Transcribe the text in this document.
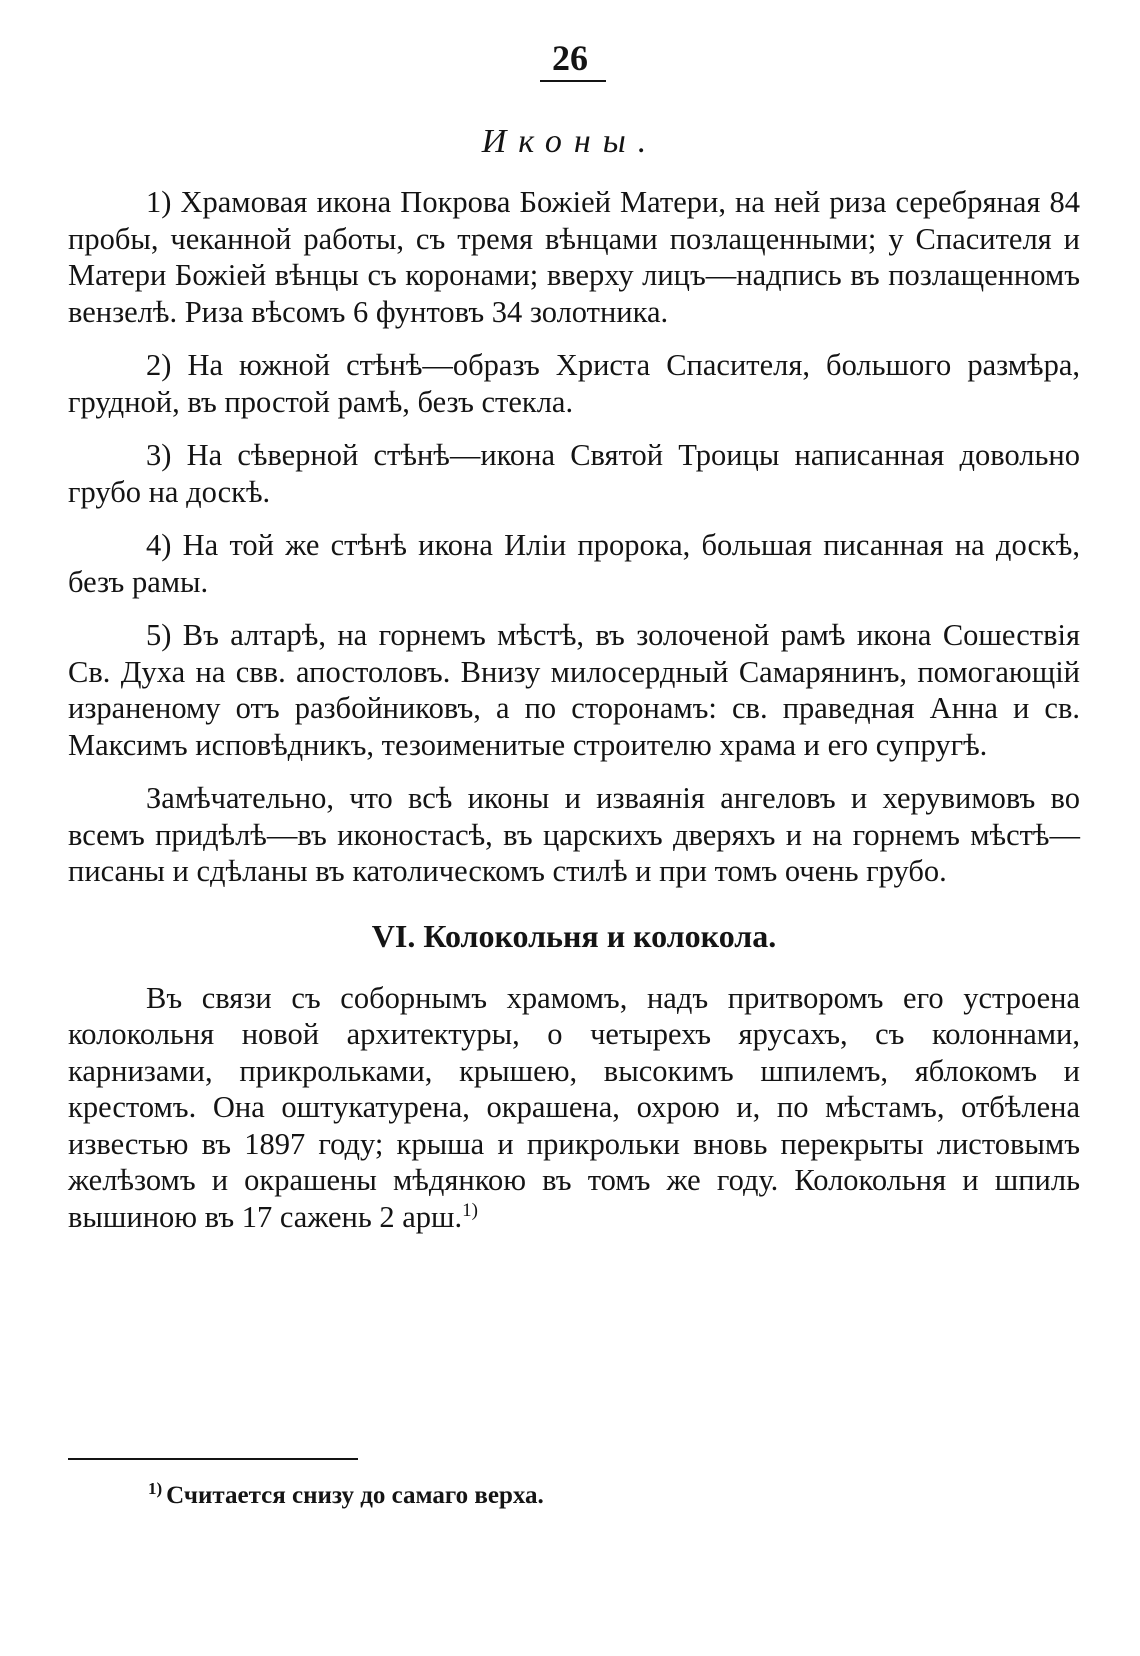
26
Иконы.

1) Храмовая икона Покрова Божіей Матери, на ней риза серебряная 84 пробы, чеканной работы, съ тремя вѣнцами позлащенными; у Спасителя и Матери Божіей вѣнцы съ коронами; вверху лицъ—надпись въ позлащенномъ вензелѣ. Риза вѣсомъ 6 фунтовъ 34 золотника.

2) На южной стѣнѣ—образъ Христа Спасителя, большого размѣра, грудной, въ простой рамѣ, безъ стекла.

3) На сѣверной стѣнѣ—икона Святой Троицы написанная довольно грубо на доскѣ.

4) На той же стѣнѣ икона Иліи пророка, большая писанная на доскѣ, безъ рамы.

5) Въ алтарѣ, на горнемъ мѣстѣ, въ золоченой рамѣ икона Сошествія Св. Духа на свв. апостоловъ. Внизу милосердный Самарянинъ, помогающій израненому отъ разбойниковъ, а по сторонамъ: св. праведная Анна и св. Максимъ исповѣдникъ, тезоименитые строителю храма и его супругѣ.

Замѣчательно, что всѣ иконы и изваянія ангеловъ и херувимовъ во всемъ придѣлѣ—въ иконостасѣ, въ царскихъ дверяхъ и на горнемъ мѣстѣ—писаны и сдѣланы въ католическомъ стилѣ и при томъ очень грубо.

VI. Колокольня и колокола.

Въ связи съ соборнымъ храмомъ, надъ притворомъ его устроена колокольня новой архитектуры, о четырехъ ярусахъ, съ колоннами, карнизами, прикрольками, крышею, высокимъ шпилемъ, яблокомъ и крестомъ. Она оштукатурена, окрашена, охрою и, по мѣстамъ, отбѣлена известью въ 1897 году; крыша и прикрольки вновь перекрыты листовымъ желѣзомъ и окрашены мѣдянкою въ томъ же году. Колокольня и шпиль вышиною въ 17 сажень 2 арш.$^{1)}$

$^{1)}$ Считается снизу до самаго верха.
